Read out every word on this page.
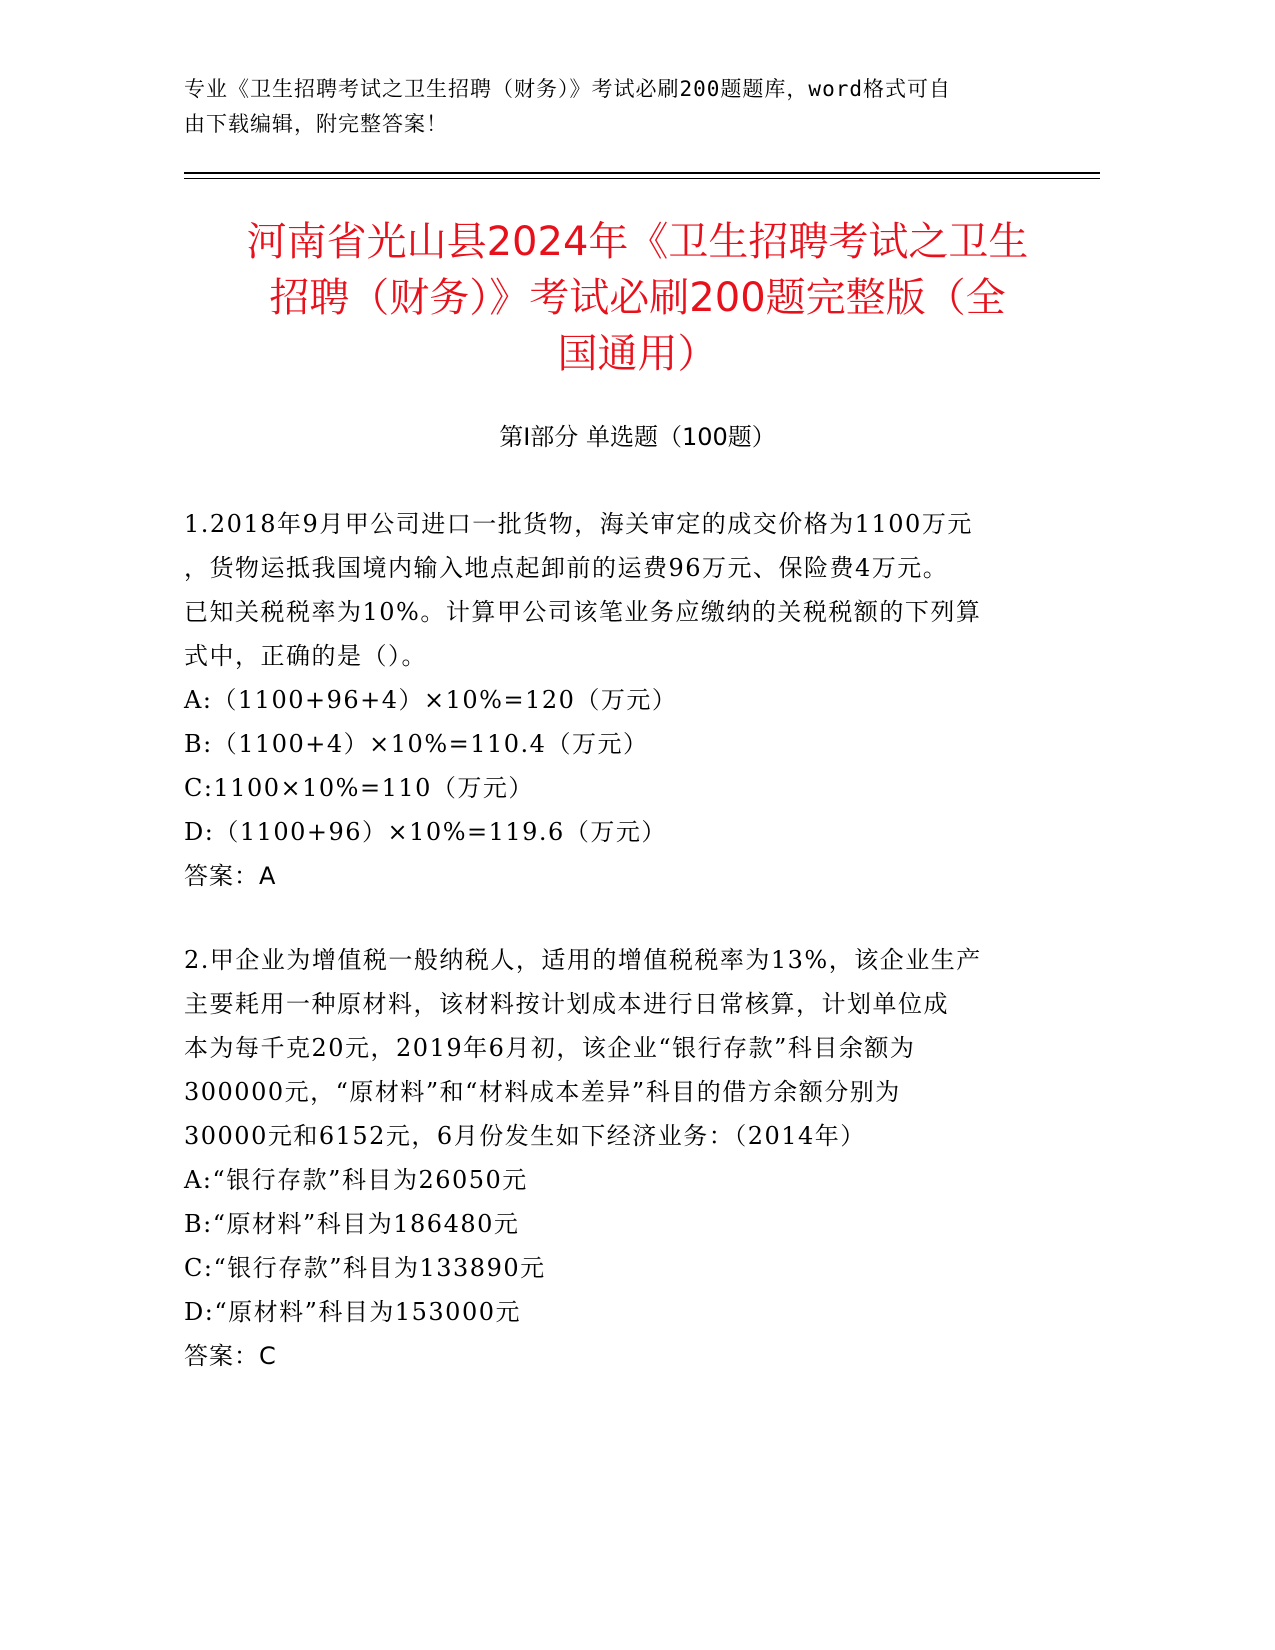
专业《卫生招聘考试之卫生招聘（财务）》考试必刷200题题库，word格式可自
由下载编辑，附完整答案！
河南省光山县2024年《卫生招聘考试之卫生
招聘（财务）》考试必刷200题完整版（全
国通用）
第Ⅰ部分 单选题（100题）
1.2018年9月甲公司进口一批货物，海关审定的成交价格为1100万元
，货物运抵我国境内输入地点起卸前的运费96万元、保险费4万元。
已知关税税率为10%。计算甲公司该笔业务应缴纳的关税税额的下列算
式中，正确的是（）。
A:（1100+96+4）×10%=120（万元）
B:（1100+4）×10%=110.4（万元）
C:1100×10%=110（万元）
D:（1100+96）×10%=119.6（万元）
答案：A
2.甲企业为增值税一般纳税人，适用的增值税税率为13%，该企业生产
主要耗用一种原材料，该材料按计划成本进行日常核算，计划单位成
本为每千克20元，2019年6月初，该企业“银行存款”科目余额为
300000元，“原材料”和“材料成本差异”科目的借方余额分别为
30000元和6152元，6月份发生如下经济业务：（2014年）
A:“银行存款”科目为26050元
B:“原材料”科目为186480元
C:“银行存款”科目为133890元
D:“原材料”科目为153000元
答案：C
